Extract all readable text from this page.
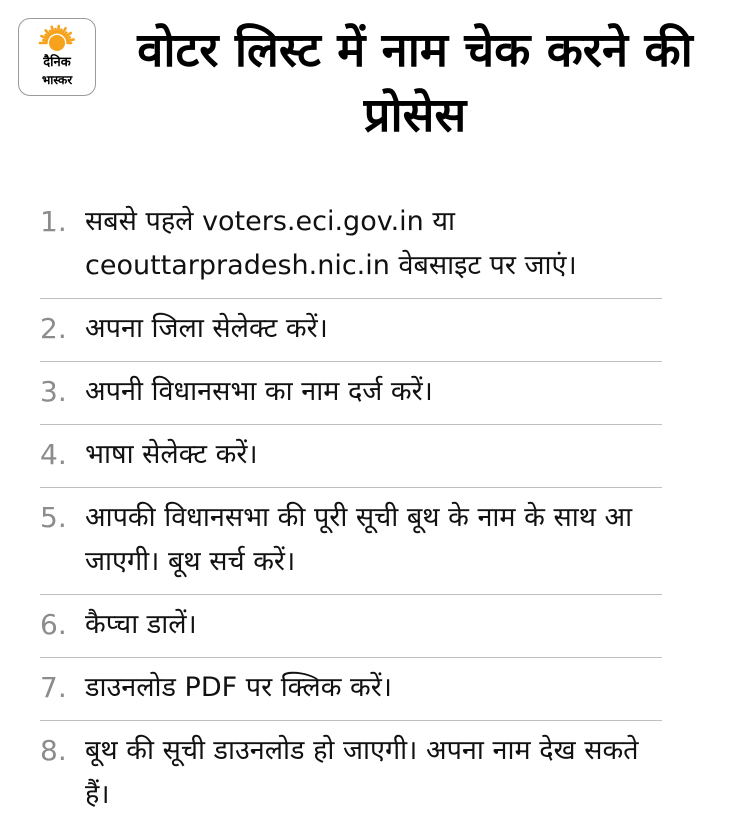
दैनिक
भास्कर
वोटर लिस्ट में नाम चेक करने की प्रोसेस
1. सबसे पहले voters.eci.gov.in या ceouttarpradesh.nic.in वेबसाइट पर जाएं।
2. अपना जिला सेलेक्ट करें।
3. अपनी विधानसभा का नाम दर्ज करें।
4. भाषा सेलेक्ट करें।
5. आपकी विधानसभा की पूरी सूची बूथ के नाम के साथ आ जाएगी। बूथ सर्च करें।
6. कैप्चा डालें।
7. डाउनलोड PDF पर क्लिक करें।
8. बूथ की सूची डाउनलोड हो जाएगी। अपना नाम देख सकते हैं।
